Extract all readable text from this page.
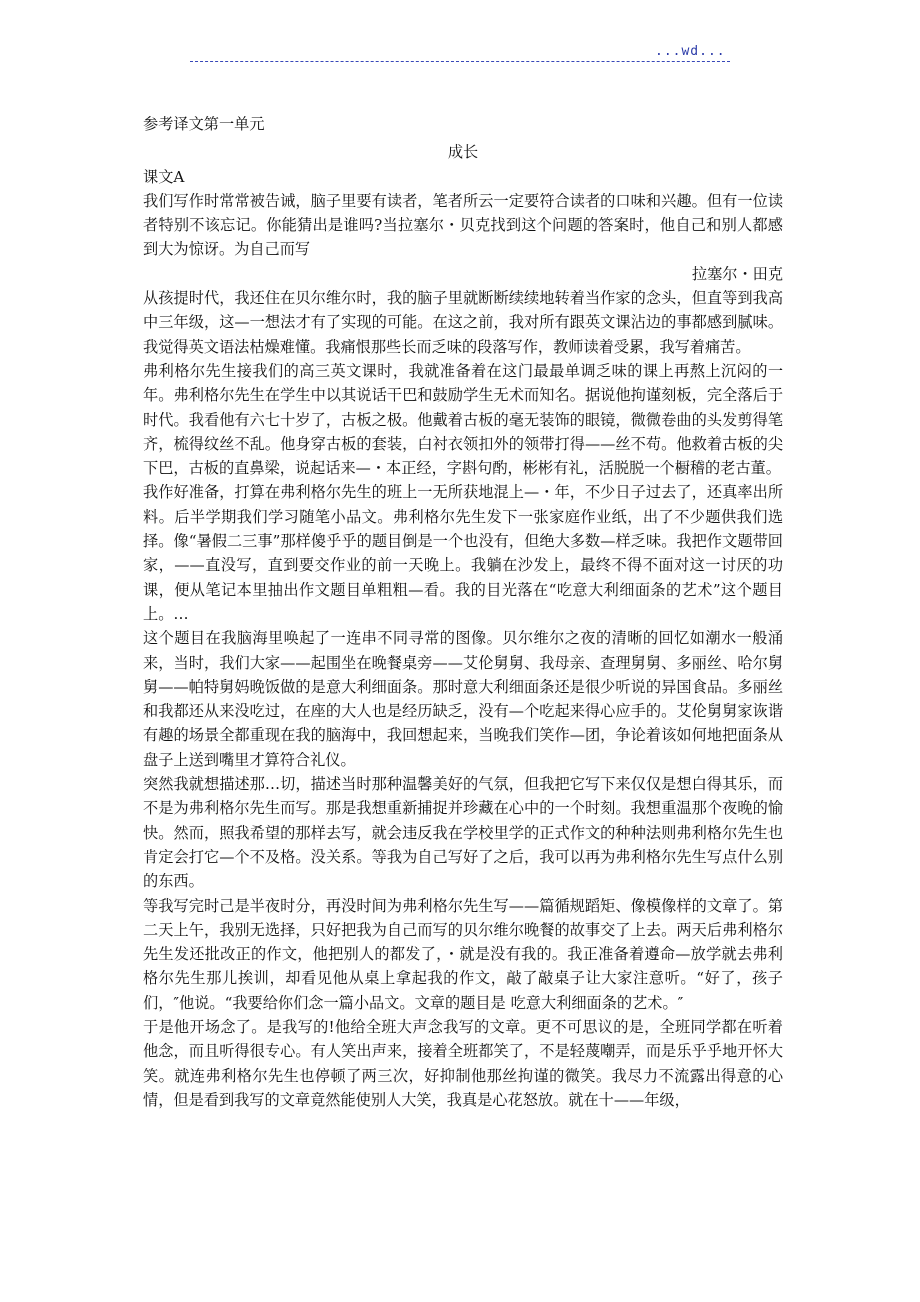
...wd...

参考译文第一单元

成长

课文A

我们写作时常常被告诫，脑子里要有读者，笔者所云一定要符合读者的口味和兴趣。但有一位读者特别不该忘记。你能猜出是谁吗?当拉塞尔・贝克找到这个问题的答案时，他自己和别人都感到大为惊讶。为自己而写

拉塞尔・田克

从孩提时代，我还住在贝尔维尔时，我的脑子里就断断续续地转着当作家的念头，但直等到我高中三年级，这—一想法才有了实现的可能。在这之前，我对所有跟英文课沾边的事都感到腻味。我觉得英文语法枯燥难懂。我痛恨那些长而乏味的段落写作，教师读着受累，我写着痛苦。

弗利格尔先生接我们的高三英文课时，我就准备着在这门最最单调乏味的课上再熬上沉闷的一年。弗利格尔先生在学生中以其说话干巴和鼓励学生无术而知名。据说他拘谨刻板，完全落后于时代。我看他有六七十岁了，古板之极。他戴着古板的毫无装饰的眼镜，微微卷曲的头发剪得笔齐，梳得纹丝不乱。他身穿古板的套装，白衬衣领扣外的领带打得——丝不苟。他救着古板的尖下巴，古板的直鼻梁，说起话来—・本正经，字斟句酌，彬彬有礼，活脱脱一个橱稽的老古董。

我作好准备，打算在弗利格尔先生的班上一无所获地混上—・年，不少日子过去了，还真率出所料。后半学期我们学习随笔小品文。弗利格尔先生发下一张家庭作业纸，出了不少题供我们选择。像“暑假二三事”那样傻乎乎的题目倒是一个也没有，但绝大多数—样乏味。我把作文题带回家，——直没写，直到要交作业的前一天晚上。我躺在沙发上，最终不得不面对这一讨厌的功课，便从笔记本里抽出作文题目单粗粗—看。我的目光落在“吃意大利细面条的艺术”这个题目上。…

这个题目在我脑海里唤起了一连串不同寻常的图像。贝尔维尔之夜的清晰的回忆如潮水一般涌来，当时，我们大家——起围坐在晚餐桌旁——艾伦舅舅、我母亲、查理舅舅、多丽丝、哈尔舅舅——帕特舅妈晚饭做的是意大利细面条。那时意大利细面条还是很少听说的异国食品。多丽丝和我都还从来没吃过，在座的大人也是经历缺乏，没有—个吃起来得心应手的。艾伦舅舅家诙谐有趣的场景全都重现在我的脑海中，我回想起来，当晚我们笑作—团，争论着该如何地把面条从盘子上送到嘴里才算符合礼仪。

突然我就想描述那…切，描述当时那种温馨美好的气氛，但我把它写下来仅仅是想白得其乐，而不是为弗利格尔先生而写。那是我想重新捕捉并珍藏在心中的一个时刻。我想重温那个夜晚的愉快。然而，照我希望的那样去写，就会违反我在学校里学的正式作文的种种法则弗利格尔先生也肯定会打它—个不及格。没关系。等我为自己写好了之后，我可以再为弗利格尔先生写点什么别的东西。

等我写完时己是半夜时分，再没时间为弗利格尔先生写——篇循规蹈矩、像模像样的文章了。第二天上午，我别无选择，只好把我为自己而写的贝尔维尔晚餐的故事交了上去。两天后弗利格尔先生发还批改正的作文，他把别人的都发了，・就是没有我的。我正准备着遵命—放学就去弗利格尔先生那儿挨训，却看见他从桌上拿起我的作文，敲了敲桌子让大家注意听。“好了，孩子们，″他说。“我要给你们念一篇小品文。文章的题目是 吃意大利细面条的艺术。″

于是他开场念了。是我写的!他给全班大声念我写的文章。更不可思议的是，全班同学都在听着他念，而且听得很专心。有人笑出声来，接着全班都笑了，不是轻蔑嘲弄，而是乐乎乎地开怀大笑。就连弗利格尔先生也停顿了两三次，好抑制他那丝拘谨的微笑。我尽力不流露出得意的心情，但是看到我写的文章竟然能使别人大笑，我真是心花怒放。就在十——年级，
